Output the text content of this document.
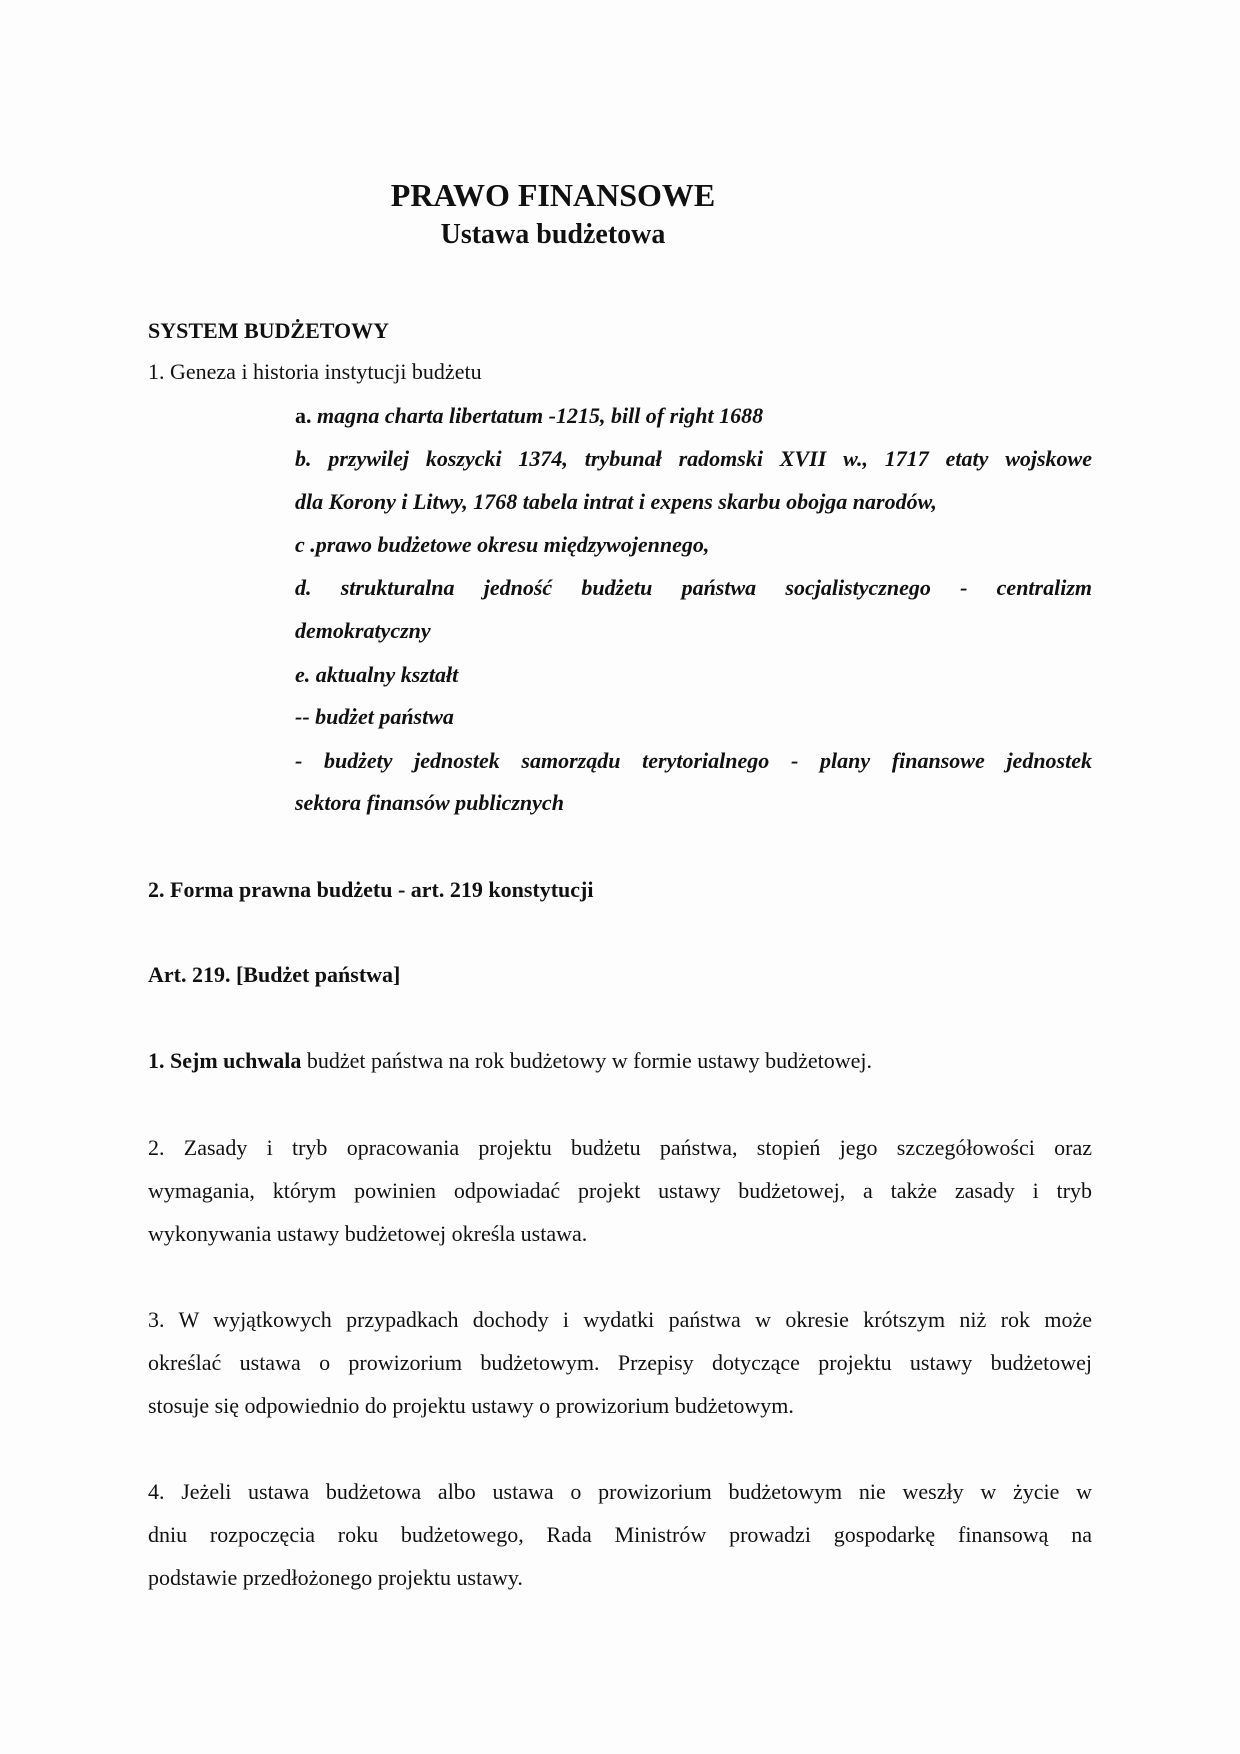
PRAWO FINANSOWE
Ustawa budżetowa
SYSTEM BUDŻETOWY
1. Geneza i historia instytucji budżetu
a. magna charta libertatum -1215, bill of right 1688
b. przywilej koszycki 1374, trybunał radomski XVII w., 1717 etaty wojskowe
dla Korony i Litwy, 1768 tabela intrat i expens skarbu obojga narodów,
c .prawo budżetowe okresu międzywojennego,
d. strukturalna jedność budżetu państwa socjalistycznego - centralizm
demokratyczny
e. aktualny kształt
-- budżet państwa
- budżety jednostek samorządu terytorialnego - plany finansowe jednostek
sektora finansów publicznych
2. Forma prawna budżetu - art. 219 konstytucji
Art. 219. [Budżet państwa]
1. Sejm uchwala budżet państwa na rok budżetowy w formie ustawy budżetowej.
2. Zasady i tryb opracowania projektu budżetu państwa, stopień jego szczegółowości oraz
wymagania, którym powinien odpowiadać projekt ustawy budżetowej, a także zasady i tryb
wykonywania ustawy budżetowej określa ustawa.
3. W wyjątkowych przypadkach dochody i wydatki państwa w okresie krótszym niż rok może
określać ustawa o prowizorium budżetowym. Przepisy dotyczące projektu ustawy budżetowej
stosuje się odpowiednio do projektu ustawy o prowizorium budżetowym.
4. Jeżeli ustawa budżetowa albo ustawa o prowizorium budżetowym nie weszły w życie w
dniu rozpoczęcia roku budżetowego, Rada Ministrów prowadzi gospodarkę finansową na
podstawie przedłożonego projektu ustawy.
